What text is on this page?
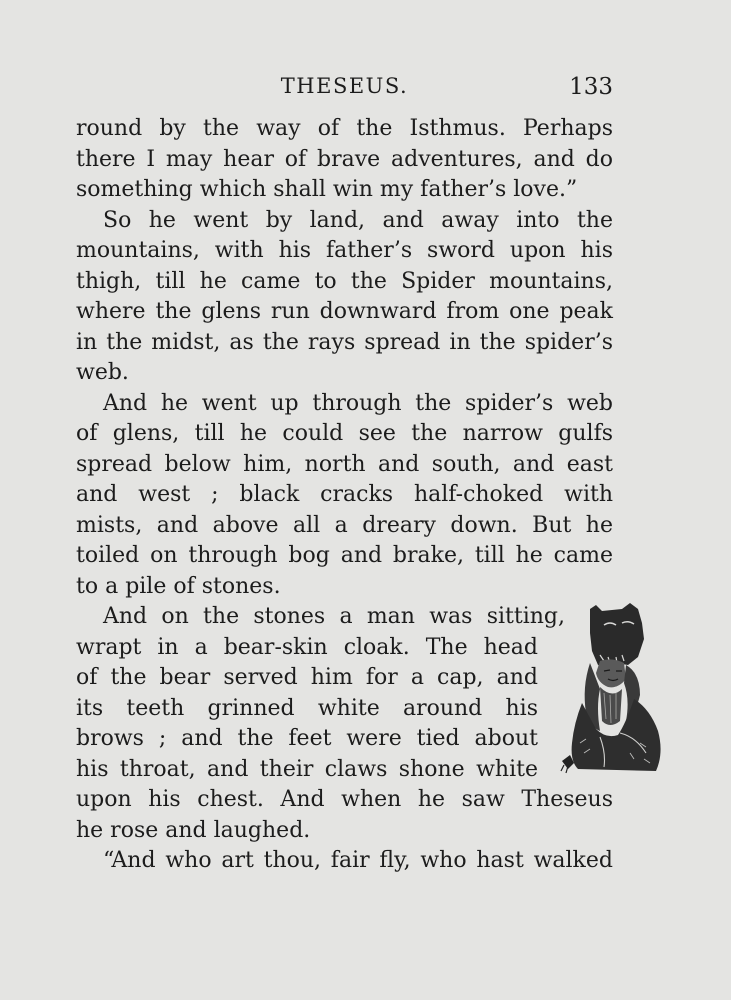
THESEUS.	133
round by the way of the Isthmus. Perhaps
there I may hear of brave adventures, and do
something which shall win my father’s love.”
So he went by land, and away into the
mountains, with his father’s sword upon his
thigh, till he came to the Spider mountains,
where the glens run downward from one peak
in the midst, as the rays spread in the spider’s
web.
And he went up through the spider’s web
of glens, till he could see the narrow gulfs
spread below him, north and south, and east
and west ; black cracks half-choked with
mists, and above all a dreary down. But he
toiled on through bog and brake, till he came
to a pile of stones.
And on the stones a man was sitting,
wrapt in a bear-skin cloak. The head
of the bear served him for a cap, and
its teeth grinned white around his
brows ; and the feet were tied about
his throat, and their claws shone white
upon his chest. And when he saw Theseus
he rose and laughed.
“And who art thou, fair fly, who hast walked
